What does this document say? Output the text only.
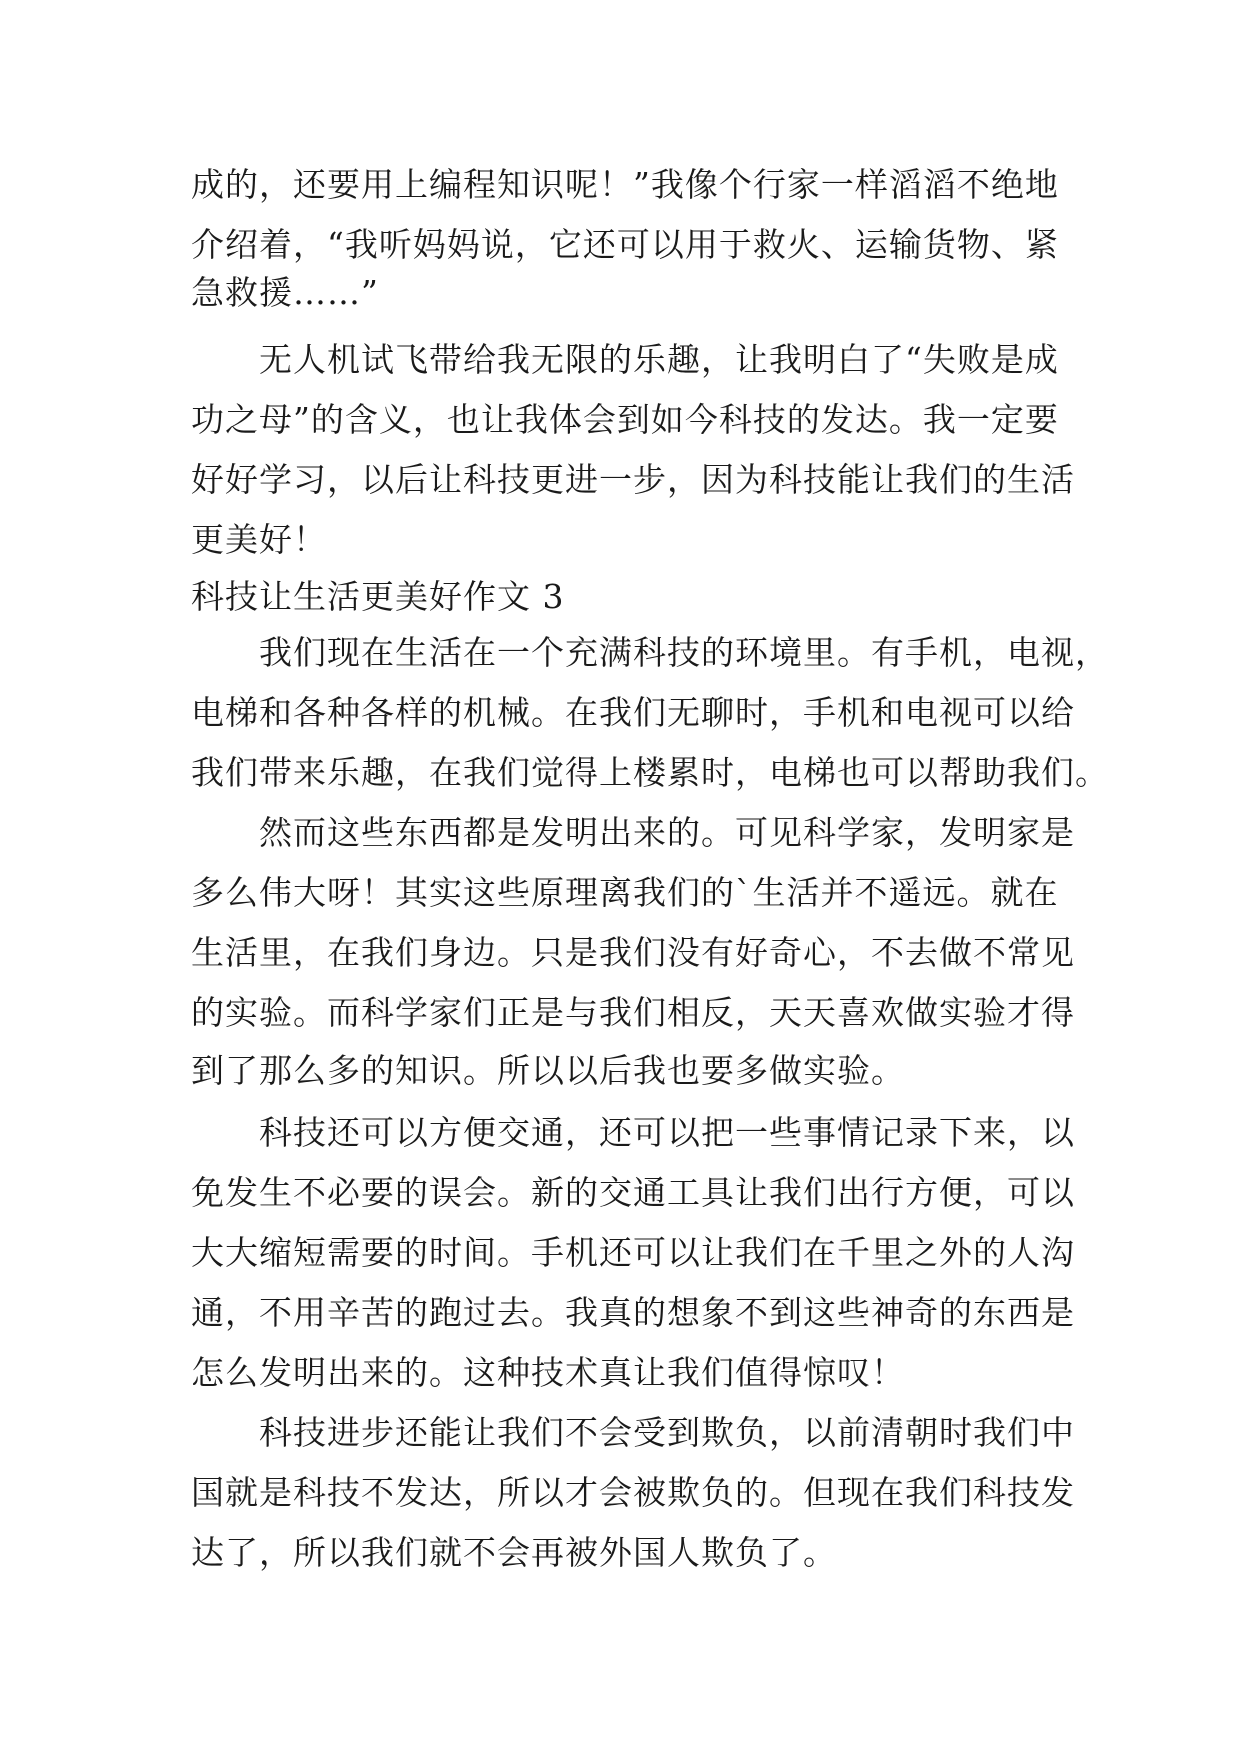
成的，还要用上编程知识呢！”我像个行家一样滔滔不绝地
介绍着，“我听妈妈说，它还可以用于救火、运输货物、紧
急救援……”
　　无人机试飞带给我无限的乐趣，让我明白了“失败是成
功之母”的含义，也让我体会到如今科技的发达。我一定要
好好学习，以后让科技更进一步，因为科技能让我们的生活
更美好！
科技让生活更美好作文 3
　　我们现在生活在一个充满科技的环境里。有手机，电视，
电梯和各种各样的机械。在我们无聊时，手机和电视可以给
我们带来乐趣，在我们觉得上楼累时，电梯也可以帮助我们。
　　然而这些东西都是发明出来的。可见科学家，发明家是
多么伟大呀！其实这些原理离我们的`生活并不遥远。就在
生活里，在我们身边。只是我们没有好奇心，不去做不常见
的实验。而科学家们正是与我们相反，天天喜欢做实验才得
到了那么多的知识。所以以后我也要多做实验。
　　科技还可以方便交通，还可以把一些事情记录下来，以
免发生不必要的误会。新的交通工具让我们出行方便，可以
大大缩短需要的时间。手机还可以让我们在千里之外的人沟
通，不用辛苦的跑过去。我真的想象不到这些神奇的东西是
怎么发明出来的。这种技术真让我们值得惊叹！
　　科技进步还能让我们不会受到欺负，以前清朝时我们中
国就是科技不发达，所以才会被欺负的。但现在我们科技发
达了，所以我们就不会再被外国人欺负了。
